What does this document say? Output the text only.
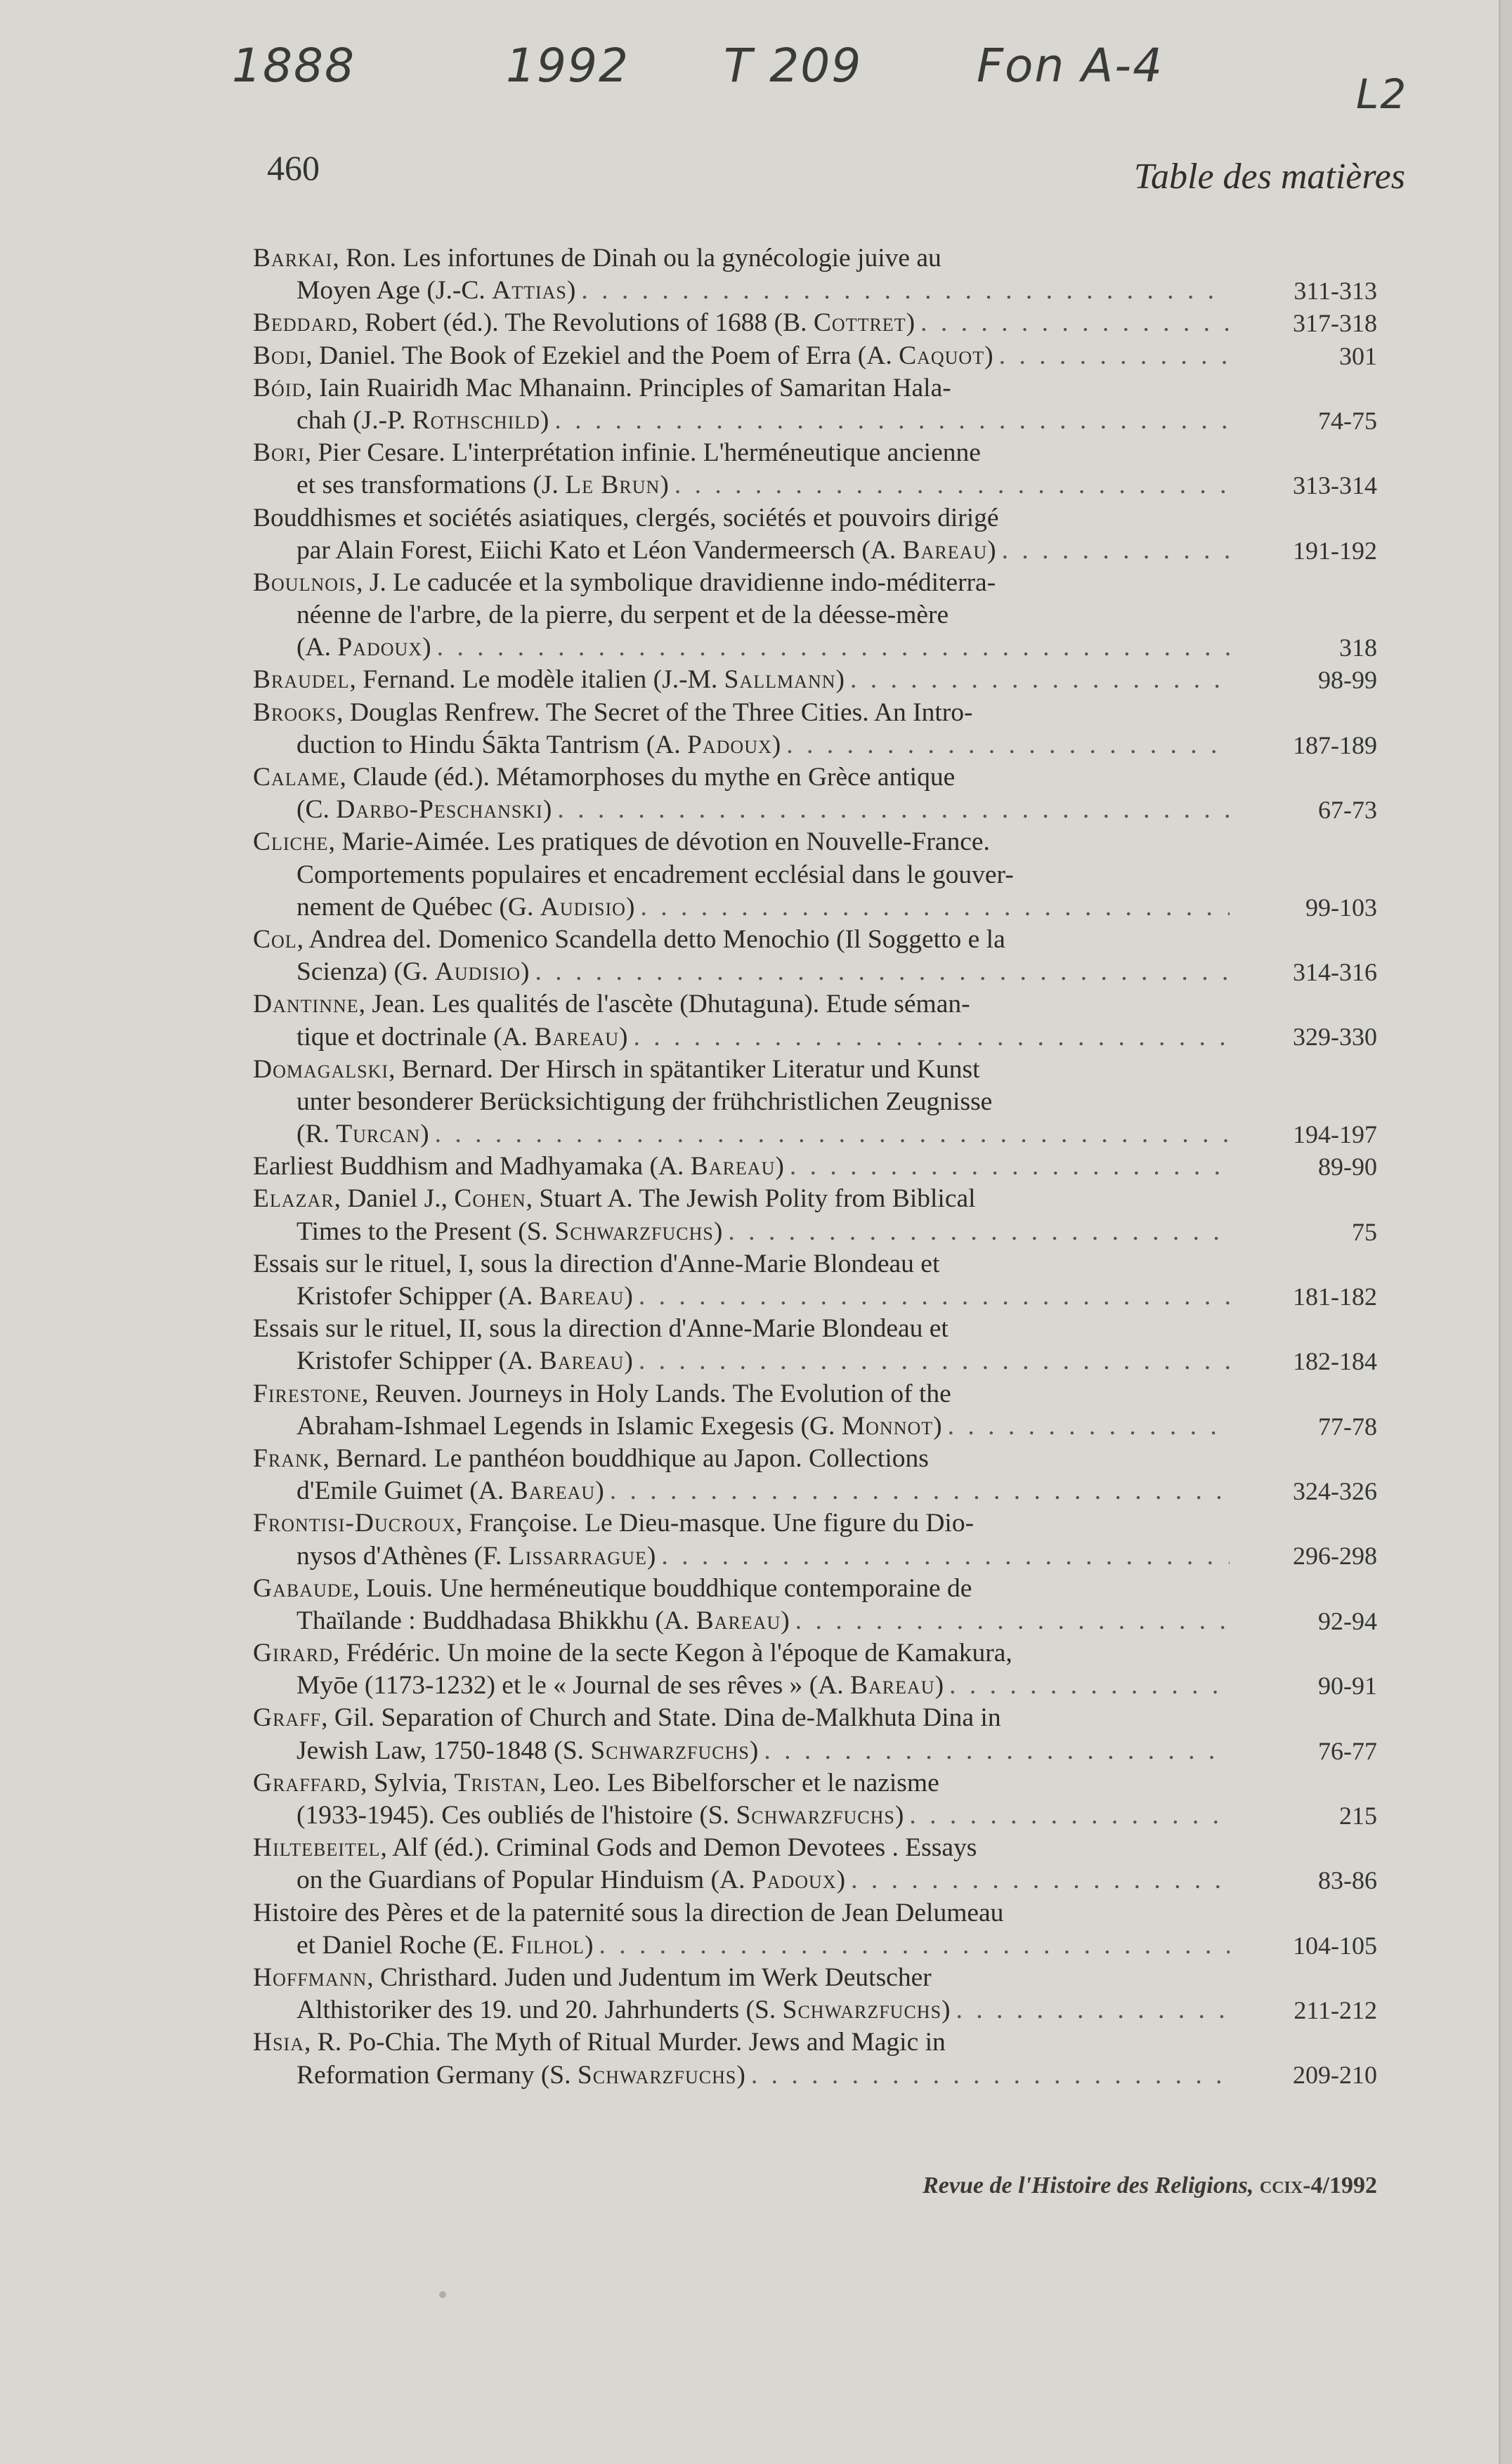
1888	1992 T 209 Fon A-4
L2
460	Table des matières
Barkai, Ron. Les infortunes de Dinah ou la gynécologie juive au
Moyen Age (J.-C. Attias) . . .	311-313
Beddard, Robert (éd.). The Revolutions of 1688 (B. Cottret) . . .	317-318
Bodi, Daniel. The Book of Ezekiel and the Poem of Erra (A. Caquot) . . .	301
Bóid, Iain Ruairidh Mac Mhanainn. Principles of Samaritan Hala-
chah (J.-P. Rothschild) . . .	74-75
Bori, Pier Cesare. L'interprétation infinie. L'herméneutique ancienne
et ses transformations (J. Le Brun) . . .	313-314
Bouddhismes et sociétés asiatiques, clergés, sociétés et pouvoirs dirigé
par Alain Forest, Eiichi Kato et Léon Vandermeersch (A. Bareau) . . .	191-192
Boulnois, J. Le caducée et la symbolique dravidienne indo-méditerra-
néenne de l'arbre, de la pierre, du serpent et de la déesse-mère
(A. Padoux) . . .	318
Braudel, Fernand. Le modèle italien (J.-M. Sallmann) . . .	98-99
Brooks, Douglas Renfrew. The Secret of the Three Cities. An Intro-
duction to Hindu Śākta Tantrism (A. Padoux) . . .	187-189
Calame, Claude (éd.). Métamorphoses du mythe en Grèce antique
(C. Darbo-Peschanski) . . .	67-73
Cliche, Marie-Aimée. Les pratiques de dévotion en Nouvelle-France.
Comportements populaires et encadrement ecclésial dans le gouver-
nement de Québec (G. Audisio) . . .	99-103
Col, Andrea del. Domenico Scandella detto Menochio (Il Soggetto e la
Scienza) (G. Audisio) . . .	314-316
Dantinne, Jean. Les qualités de l'ascète (Dhutaguna). Etude séman-
tique et doctrinale (A. Bareau) . . .	329-330
Domagalski, Bernard. Der Hirsch in spätantiker Literatur und Kunst
unter besonderer Berücksichtigung der frühchristlichen Zeugnisse
(R. Turcan) . . .	194-197
Earliest Buddhism and Madhyamaka (A. Bareau) . . .	89-90
Elazar, Daniel J., Cohen, Stuart A. The Jewish Polity from Biblical
Times to the Present (S. Schwarzfuchs) . . .	75
Essais sur le rituel, I, sous la direction d'Anne-Marie Blondeau et
Kristofer Schipper (A. Bareau) . . .	181-182
Essais sur le rituel, II, sous la direction d'Anne-Marie Blondeau et
Kristofer Schipper (A. Bareau) . . .	182-184
Firestone, Reuven. Journeys in Holy Lands. The Evolution of the
Abraham-Ishmael Legends in Islamic Exegesis (G. Monnot) . . .	77-78
Frank, Bernard. Le panthéon bouddhique au Japon. Collections
d'Emile Guimet (A. Bareau) . . .	324-326
Frontisi-Ducroux, Françoise. Le Dieu-masque. Une figure du Dio-
nysos d'Athènes (F. Lissarrague) . . .	296-298
Gabaude, Louis. Une herméneutique bouddhique contemporaine de
Thaïlande : Buddhadasa Bhikkhu (A. Bareau) . . .	92-94
Girard, Frédéric. Un moine de la secte Kegon à l'époque de Kamakura,
Myōe (1173-1232) et le « Journal de ses rêves » (A. Bareau) . . .	90-91
Graff, Gil. Separation of Church and State. Dina de-Malkhuta Dina in
Jewish Law, 1750-1848 (S. Schwarzfuchs) . . .	76-77
Graffard, Sylvia, Tristan, Leo. Les Bibelforscher et le nazisme
(1933-1945). Ces oubliés de l'histoire (S. Schwarzfuchs) . . .	215
Hiltebeitel, Alf (éd.). Criminal Gods and Demon Devotees . Essays
on the Guardians of Popular Hinduism (A. Padoux) . . .	83-86
Histoire des Pères et de la paternité sous la direction de Jean Delumeau
et Daniel Roche (E. Filhol) . . .	104-105
Hoffmann, Christhard. Juden und Judentum im Werk Deutscher
Althistoriker des 19. und 20. Jahrhunderts (S. Schwarzfuchs) . . .	211-212
Hsia, R. Po-Chia. The Myth of Ritual Murder. Jews and Magic in
Reformation Germany (S. Schwarzfuchs) . . .	209-210
Revue de l'Histoire des Religions, ccix-4/1992
